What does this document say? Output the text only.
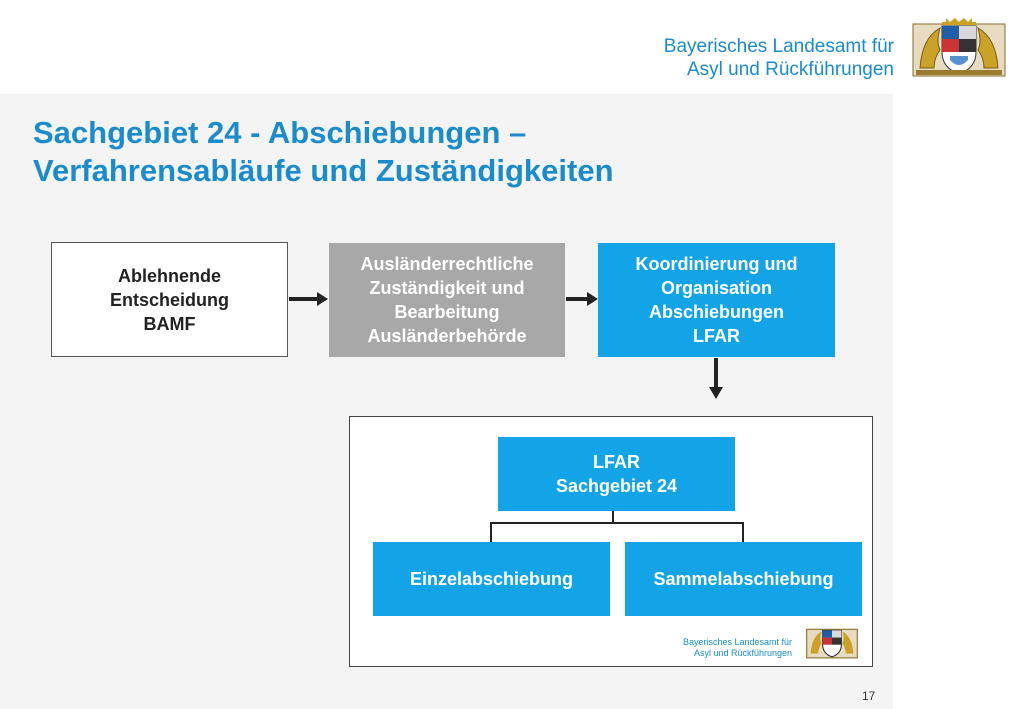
Bayerisches Landesamt für
Asyl und Rückführungen
Sachgebiet 24 - Abschiebungen –
Verfahrensabläufe und Zuständigkeiten
Ablehnende
Entscheidung
BAMF
Ausländerrechtliche
Zuständigkeit und
Bearbeitung
Ausländerbehörde
Koordinierung und
Organisation
Abschiebungen
LFAR
LFAR
Sachgebiet 24
Einzelabschiebung	Sammelabschiebung
Bayerisches Landesamt für
Asyl und Rückführungen
17
